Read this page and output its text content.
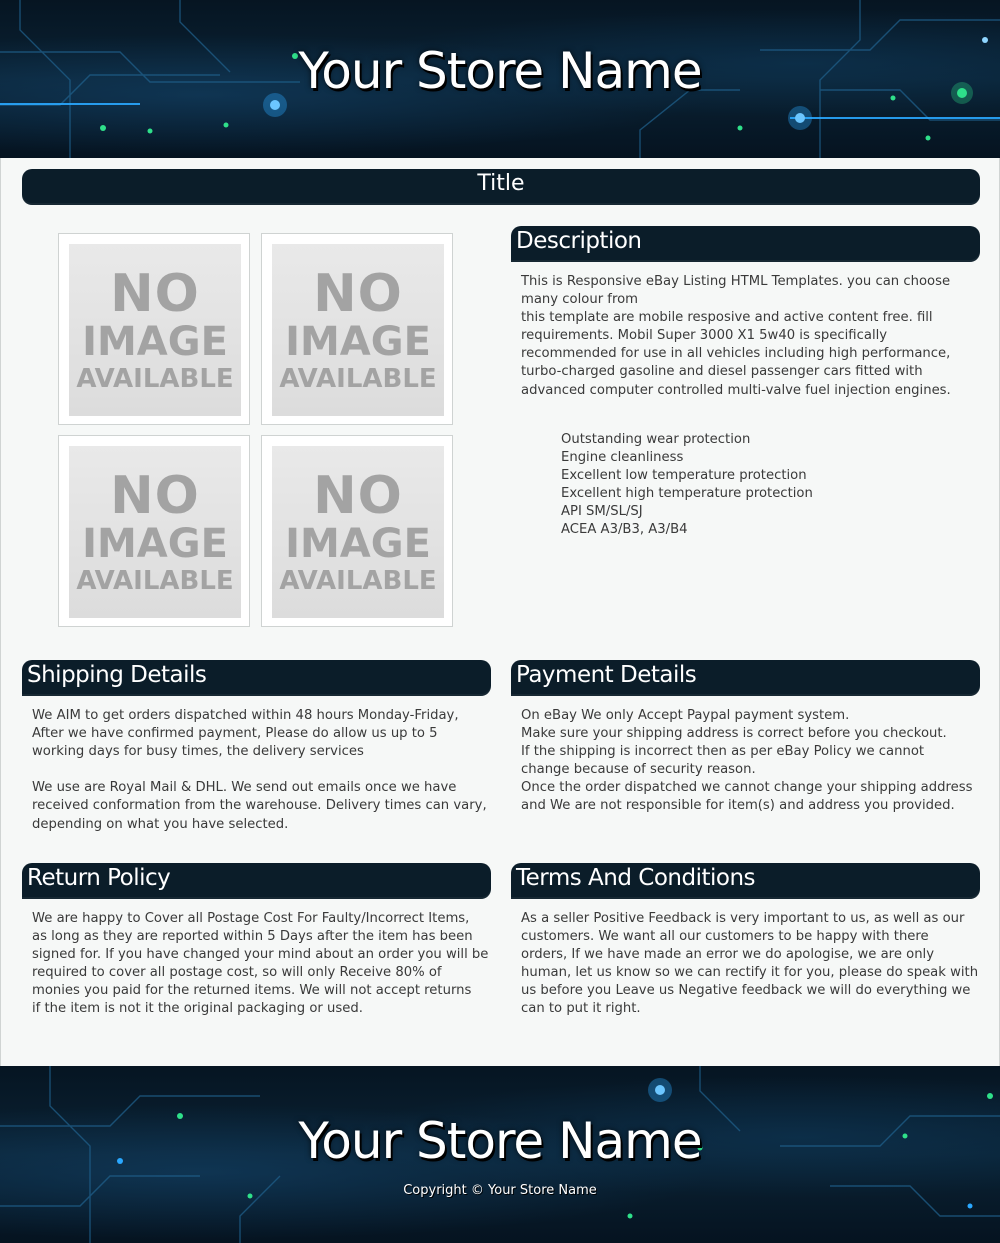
Your Store Name
Title
NO
IMAGE
AVAILABLE
NO
IMAGE
AVAILABLE
NO
IMAGE
AVAILABLE
NO
IMAGE
AVAILABLE
Description

This is Responsive eBay Listing HTML Templates. you can choose

many colour from

this template are mobile resposive and active content free. fill

requirements. Mobil Super 3000 X1 5w40 is specifically

recommended for use in all vehicles including high performance,

turbo-charged gasoline and diesel passenger cars fitted with

advanced computer controlled multi-valve fuel injection engines.

Outstanding wear protection
Engine cleanliness
Excellent low temperature protection
Excellent high temperature protection
API SM/SL/SJ
ACEA A3/B3, A3/B4
Shipping Details

We AIM to get orders dispatched within 48 hours Monday-Friday,

After we have confirmed payment, Please do allow us up to 5

working days for busy times, the delivery services

We use are Royal Mail & DHL. We send out emails once we have

received conformation from the warehouse. Delivery times can vary,

depending on what you have selected.

Payment Details

On eBay We only Accept Paypal payment system.

Make sure your shipping address is correct before you checkout.

If the shipping is incorrect then as per eBay Policy we cannot

change because of security reason.

Once the order dispatched we cannot change your shipping address

and We are not responsible for item(s) and address you provided.

Return Policy

We are happy to Cover all Postage Cost For Faulty/Incorrect Items,

as long as they are reported within 5 Days after the item has been

signed for. If you have changed your mind about an order you will be

required to cover all postage cost, so will only Receive 80% of

monies you paid for the returned items. We will not accept returns

if the item is not it the original packaging or used.

Terms And Conditions

As a seller Positive Feedback is very important to us, as well as our

customers. We want all our customers to be happy with there

orders, If we have made an error we do apologise, we are only

human, let us know so we can rectify it for you, please do speak with

us before you Leave us Negative feedback we will do everything we

can to put it right.

Your Store Name
Copyright © Your Store Name
